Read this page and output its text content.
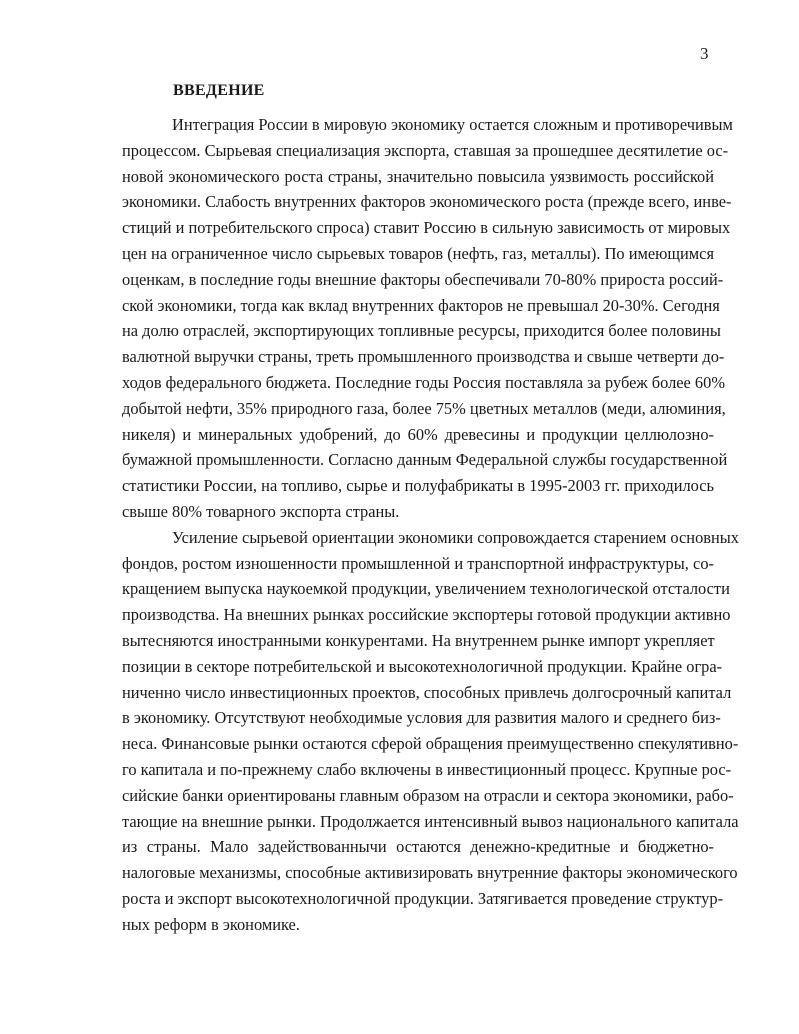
3
ВВЕДЕНИЕ
Интеграция России в мировую экономику остается сложным и противоречивым
процессом. Сырьевая специализация экспорта, ставшая за прошедшее десятилетие ос-
новой экономического роста страны, значительно повысила уязвимость российской
экономики. Слабость внутренних факторов экономического роста (прежде всего, инве-
стиций и потребительского спроса) ставит Россию в сильную зависимость от мировых
цен на ограниченное число сырьевых товаров (нефть, газ, металлы). По имеющимся
оценкам, в последние годы внешние факторы обеспечивали 70-80% прироста россий-
ской экономики, тогда как вклад внутренних факторов не превышал 20-30%. Сегодня
на долю отраслей, экспортирующих топливные ресурсы, приходится более половины
валютной выручки страны, треть промышленного производства и свыше четверти до-
ходов федерального бюджета. Последние годы Россия поставляла за рубеж более 60%
добытой нефти, 35% природного газа, более 75% цветных металлов (меди, алюминия,
никеля) и минеральных удобрений, до 60% древесины и продукции целлюлозно-
бумажной промышленности. Согласно данным Федеральной службы государственной
статистики России, на топливо, сырье и полуфабрикаты в 1995-2003 гг. приходилось
свыше 80% товарного экспорта страны.
Усиление сырьевой ориентации экономики сопровождается старением основных
фондов, ростом изношенности промышленной и транспортной инфраструктуры, со-
кращением выпуска наукоемкой продукции, увеличением технологической отсталости
производства. На внешних рынках российские экспортеры готовой продукции активно
вытесняются иностранными конкурентами. На внутреннем рынке импорт укрепляет
позиции в секторе потребительской и высокотехнологичной продукции. Крайне огра-
ниченно число инвестиционных проектов, способных привлечь долгосрочный капитал
в экономику. Отсутствуют необходимые условия для развития малого и среднего биз-
неса. Финансовые рынки остаются сферой обращения преимущественно спекулятивно-
го капитала и по-прежнему слабо включены в инвестиционный процесс. Крупные рос-
сийские банки ориентированы главным образом на отрасли и сектора экономики, рабо-
тающие на внешние рынки. Продолжается интенсивный вывоз национального капитала
из страны. Мало задействованнычи остаются денежно-кредитные и бюджетно-
налоговые механизмы, способные активизировать внутренние факторы экономического
роста и экспорт высокотехнологичной продукции. Затягивается проведение структур-
ных реформ в экономике.
